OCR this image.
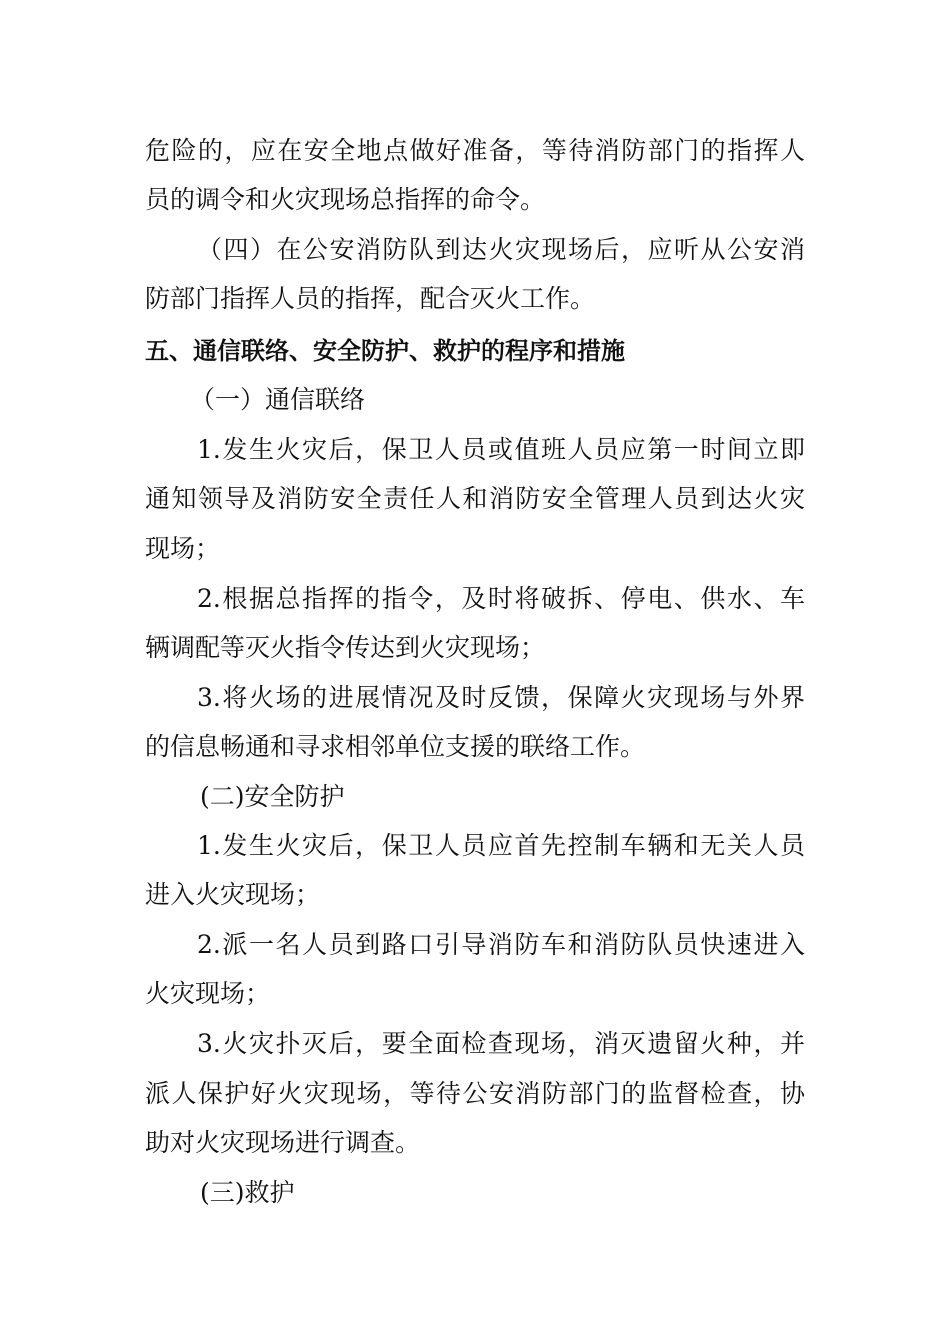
危险的，应在安全地点做好准备，等待消防部门的指挥人
员的调令和火灾现场总指挥的命令。
（四）在公安消防队到达火灾现场后，应听从公安消
防部门指挥人员的指挥，配合灭火工作。
五、通信联络、安全防护、救护的程序和措施
（一）通信联络
1.发生火灾后，保卫人员或值班人员应第一时间立即
通知领导及消防安全责任人和消防安全管理人员到达火灾
现场；
2.根据总指挥的指令，及时将破拆、停电、供水、车
辆调配等灭火指令传达到火灾现场；
3.将火场的进展情况及时反馈，保障火灾现场与外界
的信息畅通和寻求相邻单位支援的联络工作。
(二)安全防护
1.发生火灾后，保卫人员应首先控制车辆和无关人员
进入火灾现场；
2.派一名人员到路口引导消防车和消防队员快速进入
火灾现场；
3.火灾扑灭后，要全面检查现场，消灭遗留火种，并
派人保护好火灾现场，等待公安消防部门的监督检查，协
助对火灾现场进行调查。
(三)救护
